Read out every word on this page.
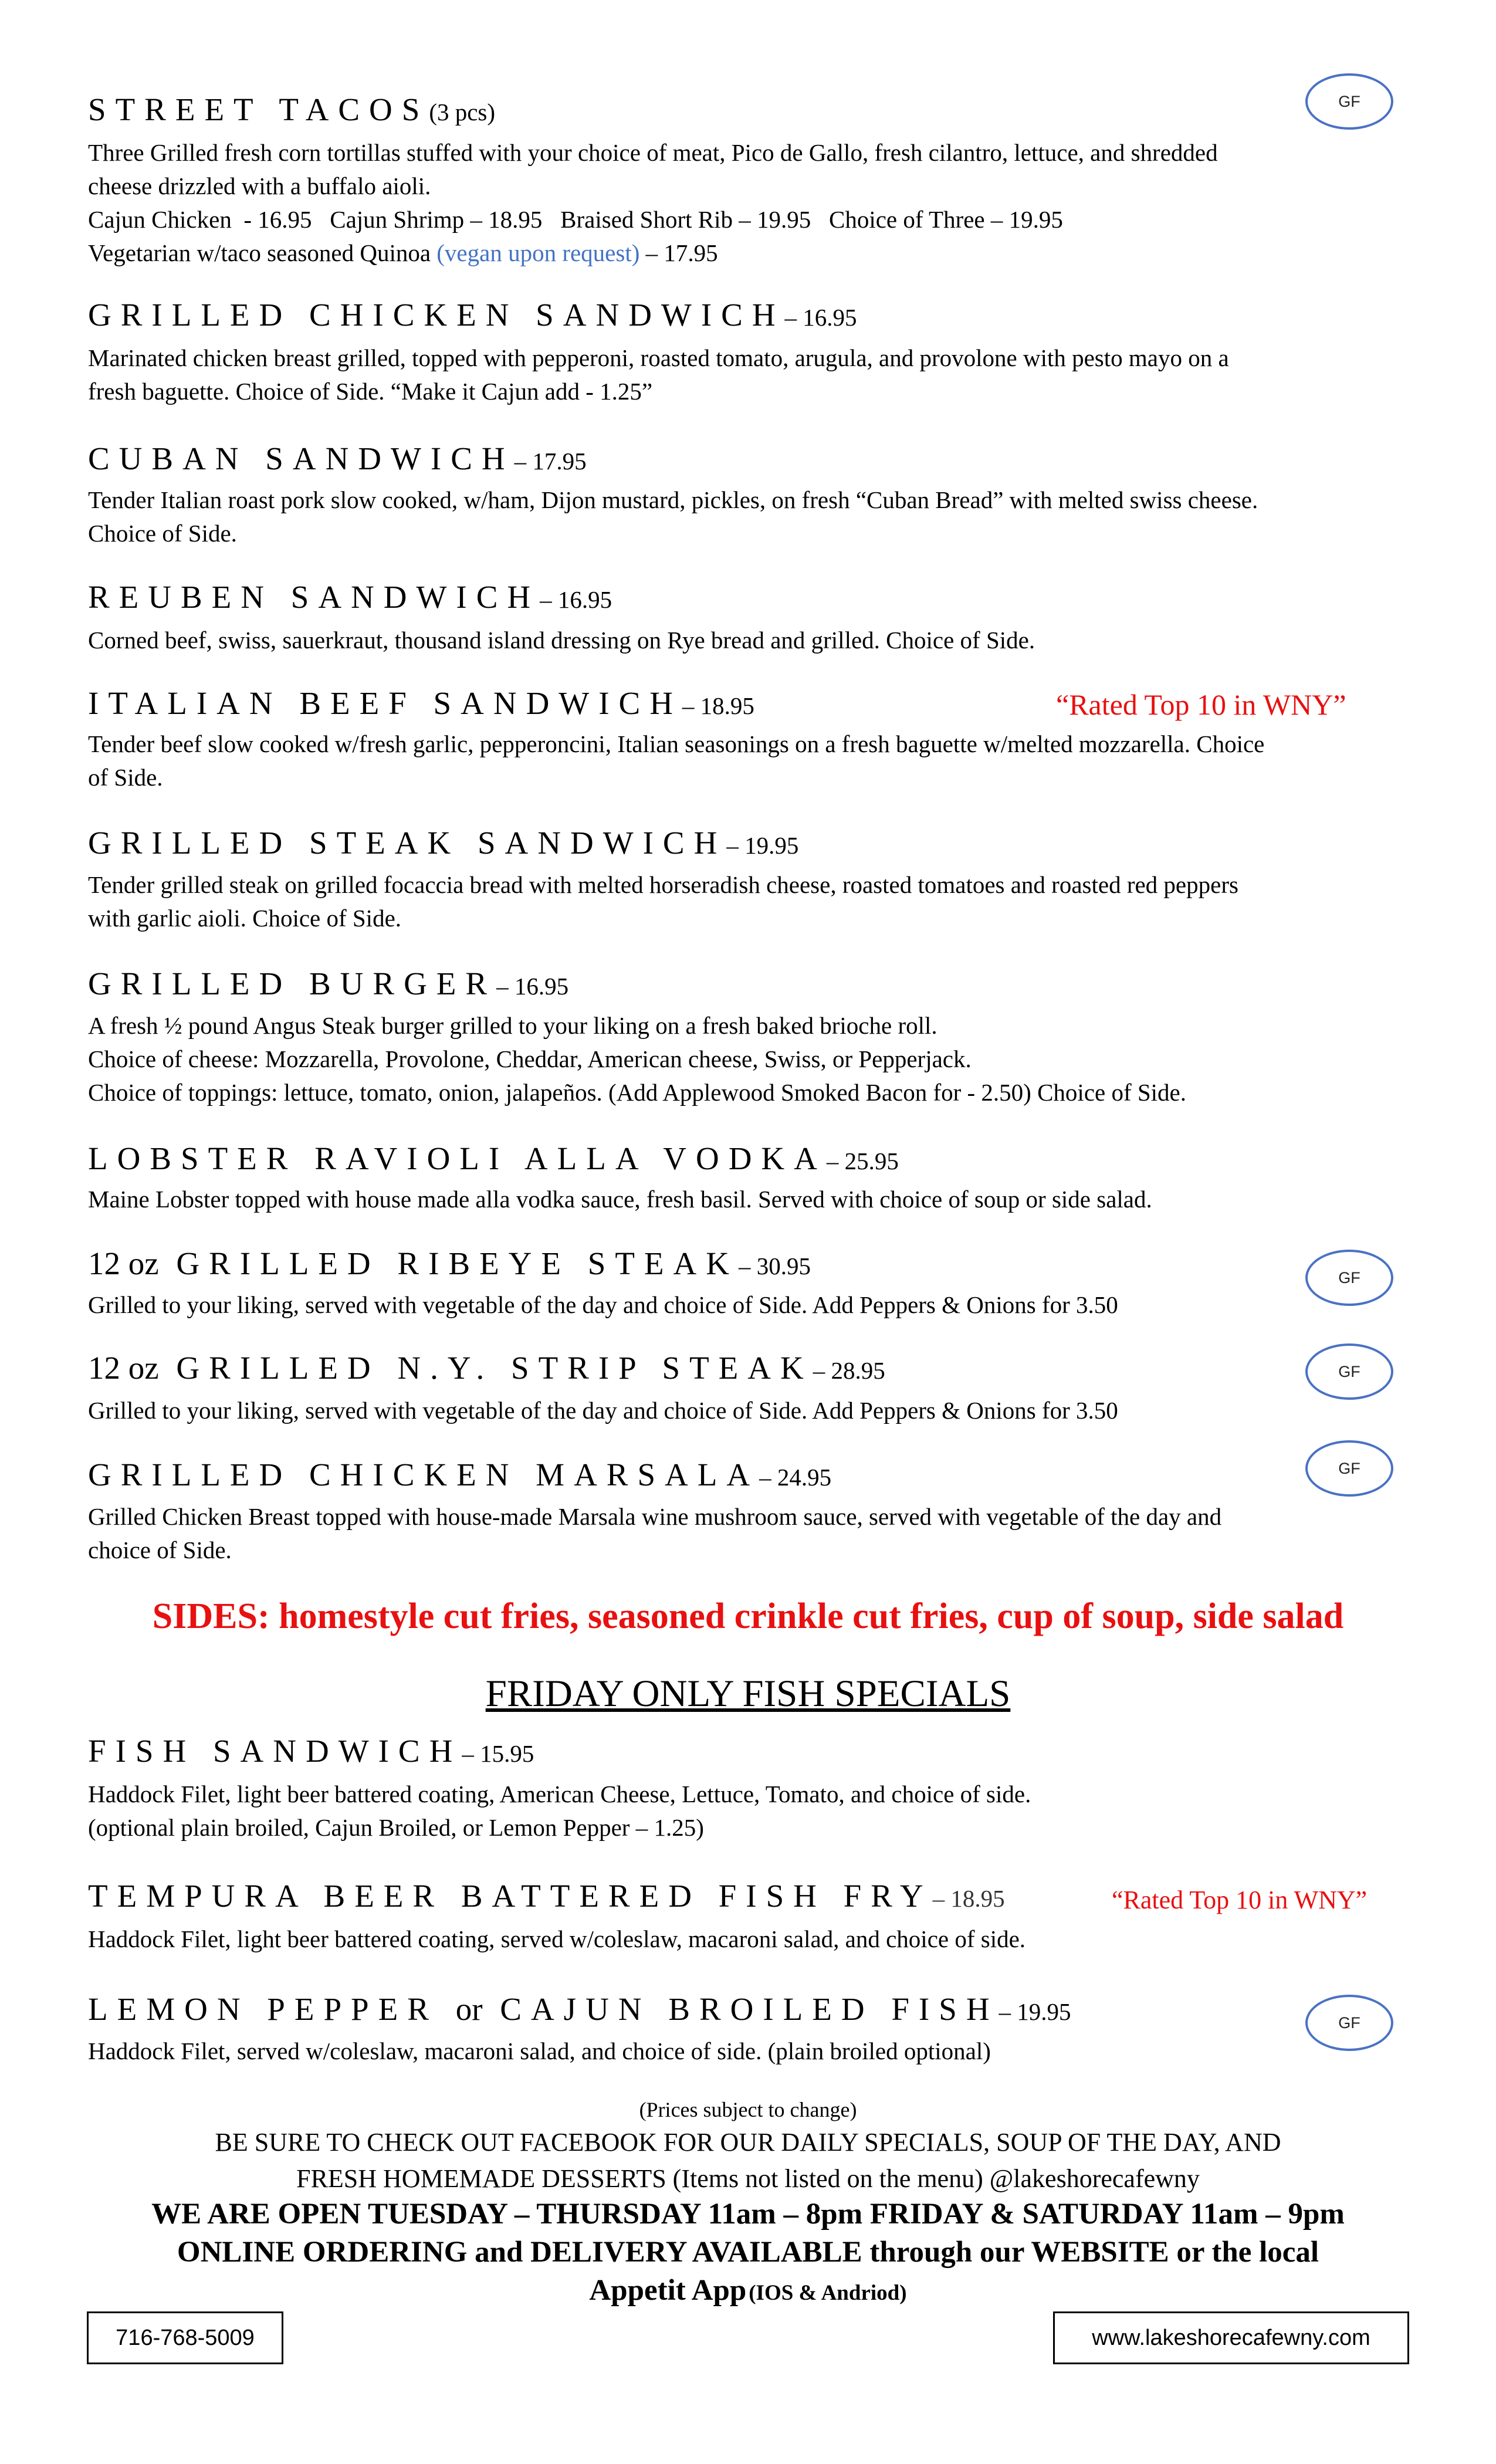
GF
GF
GF
GF
GF
STREET TACOS(3 pcs)
Three Grilled fresh corn tortillas stuffed with your choice of meat, Pico de Gallo, fresh cilantro, lettuce, and shredded
cheese drizzled with a buffalo aioli.
Cajun Chicken  - 16.95   Cajun Shrimp – 18.95   Braised Short Rib – 19.95   Choice of Three – 19.95
Vegetarian w/taco seasoned Quinoa (vegan upon request) – 17.95
GRILLED CHICKEN SANDWICH– 16.95
Marinated chicken breast grilled, topped with pepperoni, roasted tomato, arugula, and provolone with pesto mayo on a
fresh baguette. Choice of Side. “Make it Cajun add - 1.25”
CUBAN SANDWICH– 17.95
Tender Italian roast pork slow cooked, w/ham, Dijon mustard, pickles, on fresh “Cuban Bread” with melted swiss cheese.
Choice of Side.
REUBEN SANDWICH– 16.95
Corned beef, swiss, sauerkraut, thousand island dressing on Rye bread and grilled. Choice of Side.
ITALIAN BEEF SANDWICH– 18.95	“Rated Top 10 in WNY”
Tender beef slow cooked w/fresh garlic, pepperoncini, Italian seasonings on a fresh baguette w/melted mozzarella. Choice
of Side.
GRILLED STEAK SANDWICH– 19.95
Tender grilled steak on grilled focaccia bread with melted horseradish cheese, roasted tomatoes and roasted red peppers
with garlic aioli. Choice of Side.
GRILLED BURGER– 16.95
A fresh ½ pound Angus Steak burger grilled to your liking on a fresh baked brioche roll.
Choice of cheese: Mozzarella, Provolone, Cheddar, American cheese, Swiss, or Pepperjack.
Choice of toppings: lettuce, tomato, onion, jalapeños. (Add Applewood Smoked Bacon for - 2.50) Choice of Side.
LOBSTER RAVIOLI ALLA VODKA– 25.95
Maine Lobster topped with house made alla vodka sauce, fresh basil. Served with choice of soup or side salad.
12 oz GRILLED RIBEYE STEAK– 30.95
Grilled to your liking, served with vegetable of the day and choice of Side. Add Peppers & Onions for 3.50
12 oz GRILLED N.Y. STRIP STEAK– 28.95
Grilled to your liking, served with vegetable of the day and choice of Side. Add Peppers & Onions for 3.50
GRILLED CHICKEN MARSALA– 24.95
Grilled Chicken Breast topped with house-made Marsala wine mushroom sauce, served with vegetable of the day and
choice of Side.
SIDES: homestyle cut fries, seasoned crinkle cut fries, cup of soup, side salad
FRIDAY ONLY FISH SPECIALS
FISH SANDWICH– 15.95
Haddock Filet, light beer battered coating, American Cheese, Lettuce, Tomato, and choice of side.
(optional plain broiled, Cajun Broiled, or Lemon Pepper – 1.25)
TEMPURA BEER BATTERED FISH FRY– 18.95	“Rated Top 10 in WNY”
Haddock Filet, light beer battered coating, served w/coleslaw, macaroni salad, and choice of side.
LEMON PEPPER or CAJUN BROILED FISH– 19.95
Haddock Filet, served w/coleslaw, macaroni salad, and choice of side. (plain broiled optional)
(Prices subject to change)
BE SURE TO CHECK OUT FACEBOOK FOR OUR DAILY SPECIALS, SOUP OF THE DAY, AND
FRESH HOMEMADE DESSERTS (Items not listed on the menu) @lakeshorecafewny
WE ARE OPEN TUESDAY – THURSDAY 11am – 8pm FRIDAY & SATURDAY 11am – 9pm
ONLINE ORDERING and DELIVERY AVAILABLE through our WEBSITE or the local
Appetit App (IOS & Andriod)
716-768-5009	www.lakeshorecafewny.com
